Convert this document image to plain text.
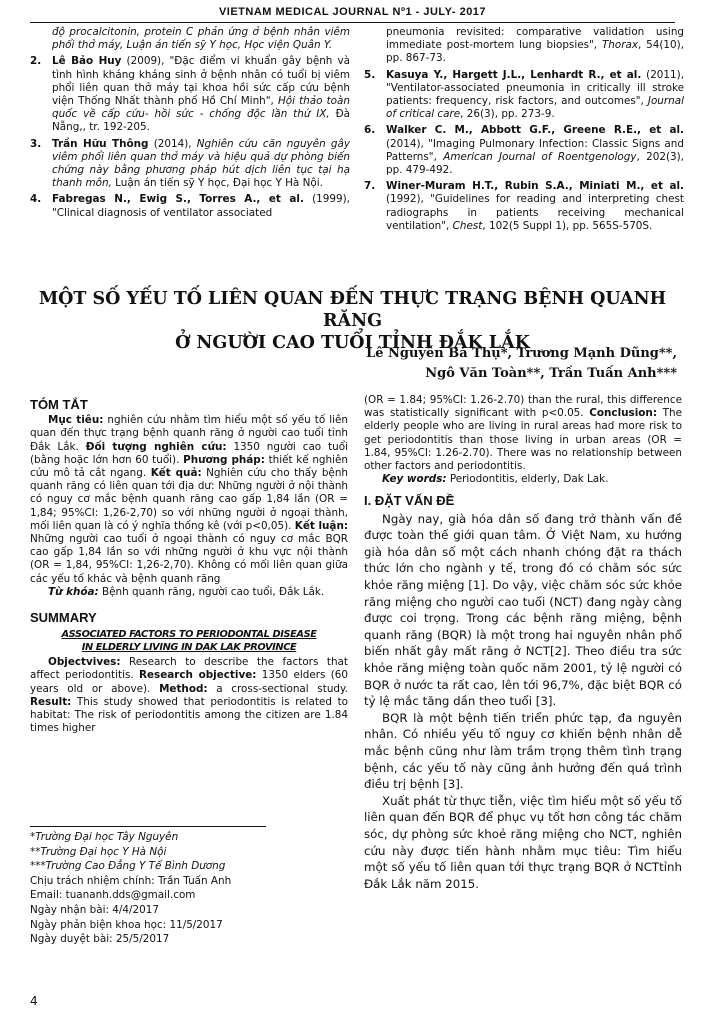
VIETNAM MEDICAL JOURNAL Nº1 - JULY- 2017

độ procalcitonin, protein C phản ứng ở bệnh nhân viêm phổi thở máy, Luận án tiến sỹ Y học, Học viện Quân Y.

2. Lê Bảo Huy (2009), "Đặc điểm vi khuẩn gây bệnh và tình hình kháng kháng sinh ở bệnh nhân có tuổi bị viêm phổi liên quan thở máy tại khoa hồi sức cấp cứu bệnh viện Thống Nhất thành phố Hồ Chí Minh", Hội thảo toàn quốc về cấp cứu- hồi sức - chống độc lần thứ IX, Đà Nẵng,, tr. 192-205.

3. Trần Hữu Thông (2014), Nghiên cứu căn nguyên gây viêm phổi liên quan thở máy và hiệu quả dự phòng biến chứng này bằng phương pháp hút dịch liên tục tại hạ thanh môn, Luận án tiến sỹ Y học, Đại học Y Hà Nội.

4. Fabregas N., Ewig S., Torres A., et al. (1999), "Clinical diagnosis of ventilator associated

pneumonia revisited: comparative validation using immediate post-mortem lung biopsies", Thorax, 54(10), pp. 867-73.

5. Kasuya Y., Hargett J.L., Lenhardt R., et al. (2011), "Ventilator-associated pneumonia in critically ill stroke patients: frequency, risk factors, and outcomes", Journal of critical care, 26(3), pp. 273-9.

6. Walker C. M., Abbott G.F., Greene R.E., et al. (2014), "Imaging Pulmonary Infection: Classic Signs and Patterns", American Journal of Roentgenology, 202(3), pp. 479-492.

7. Winer-Muram H.T., Rubin S.A., Miniati M., et al. (1992), "Guidelines for reading and interpreting chest radiographs in patients receiving mechanical ventilation", Chest, 102(5 Suppl 1), pp. 565S-570S.

MỘT SỐ YẾU TỐ LIÊN QUAN ĐẾN THỰC TRẠNG BỆNH QUANH RĂNG
Ở NGƯỜI CAO TUỔI TỈNH ĐẮK LẮK
Lê Nguyễn Bá Thụ*, Trương Mạnh Dũng**,
Ngô Văn Toàn**, Trần Tuấn Anh***
TÓM TẮT

Mục tiêu: nghiên cứu nhằm tìm hiểu một số yếu tố liên quan đến thực trạng bệnh quanh răng ở người cao tuổi tỉnh Đắk Lắk. Đối tượng nghiên cứu: 1350 người cao tuổi (bằng hoặc lớn hơn 60 tuổi). Phương pháp: thiết kế nghiên cứu mô tả cắt ngang. Kết quả: Nghiên cứu cho thấy bệnh quanh răng có liên quan tới địa dư: Những người ở nội thành có nguy cơ mắc bệnh quanh răng cao gấp 1,84 lần (OR = 1,84; 95%CI: 1,26-2,70) so với những người ở ngoại thành, mối liên quan là có ý nghĩa thống kê (với p<0,05). Kết luận: Những người cao tuổi ở ngoại thành có nguy cơ mắc BQR cao gấp 1,84 lần so với những người ở khu vực nội thành (OR = 1,84, 95%CI: 1,26-2,70). Không có mối liên quan giữa các yếu tố khác và bệnh quanh răng

Từ khóa: Bệnh quanh răng, người cao tuổi, Đắk Lắk.

SUMMARY
ASSOCIATED FACTORS TO PERIODONTAL DISEASE
IN ELDERLY LIVING IN DAK LAK PROVINCE

Objectvives: Research to describe the factors that affect periodontitis. Research objective: 1350 elders (60 years old or above). Method: a cross-sectional study. Result: This study showed that periodontitis is related to habitat: The risk of periodontitis among the citizen are 1.84 times higher

(OR = 1.84; 95%CI: 1.26-2.70) than the rural, this difference was statistically significant with p<0.05. Conclusion: The elderly people who are living in rural areas had more risk to get periodontitis than those living in urban areas (OR = 1.84, 95%CI: 1.26-2.70). There was no relationship between other factors and periodontitis.

Key words: Periodontitis, elderly, Dak Lak.

I. ĐẶT VẤN ĐỀ

Ngày nay, già hóa dân số đang trở thành vấn đề được toàn thế giới quan tâm. Ở Việt Nam, xu hướng già hóa dân số một cách nhanh chóng đặt ra thách thức lớn cho ngành y tế, trong đó có chăm sóc sức khỏe răng miệng [1]. Do vậy, việc chăm sóc sức khỏe răng miệng cho người cao tuổi (NCT) đang ngày càng được coi trọng. Trong các bệnh răng miệng, bệnh quanh răng (BQR) là một trong hai nguyên nhân phổ biến nhất gây mất răng ở NCT[2]. Theo điều tra sức khỏe răng miệng toàn quốc năm 2001, tỷ lệ người có BQR ở nước ta rất cao, lên tới 96,7%, đặc biệt BQR có tỷ lệ mắc tăng dần theo tuổi [3].

BQR là một bệnh tiến triển phức tạp, đa nguyên nhân. Có nhiều yếu tố nguy cơ khiến bệnh nhân dễ mắc bệnh cũng như làm trầm trọng thêm tình trạng bệnh, các yếu tố này cũng ảnh hưởng đến quá trình điều trị bệnh [3].

Xuất phát từ thực tiễn, việc tìm hiểu một số yếu tố liên quan đến BQR để phục vụ tốt hơn công tác chăm sóc, dự phòng sức khoẻ răng miệng cho NCT, nghiên cứu này được tiến hành nhằm mục tiêu: Tìm hiểu một số yếu tố liên quan tới thực trạng BQR ở NCTtỉnh Đắk Lắk năm 2015.

*Trường Đại học Tây Nguyên
**Trường Đại học Y Hà Nội
***Trường Cao Đẳng Y Tế Bình Dương
Chịu trách nhiệm chính: Trần Tuấn Anh
Email: tuananh.dds@gmail.com
Ngày nhận bài: 4/4/2017
Ngày phản biện khoa học: 11/5/2017
Ngày duyệt bài: 25/5/2017
4
